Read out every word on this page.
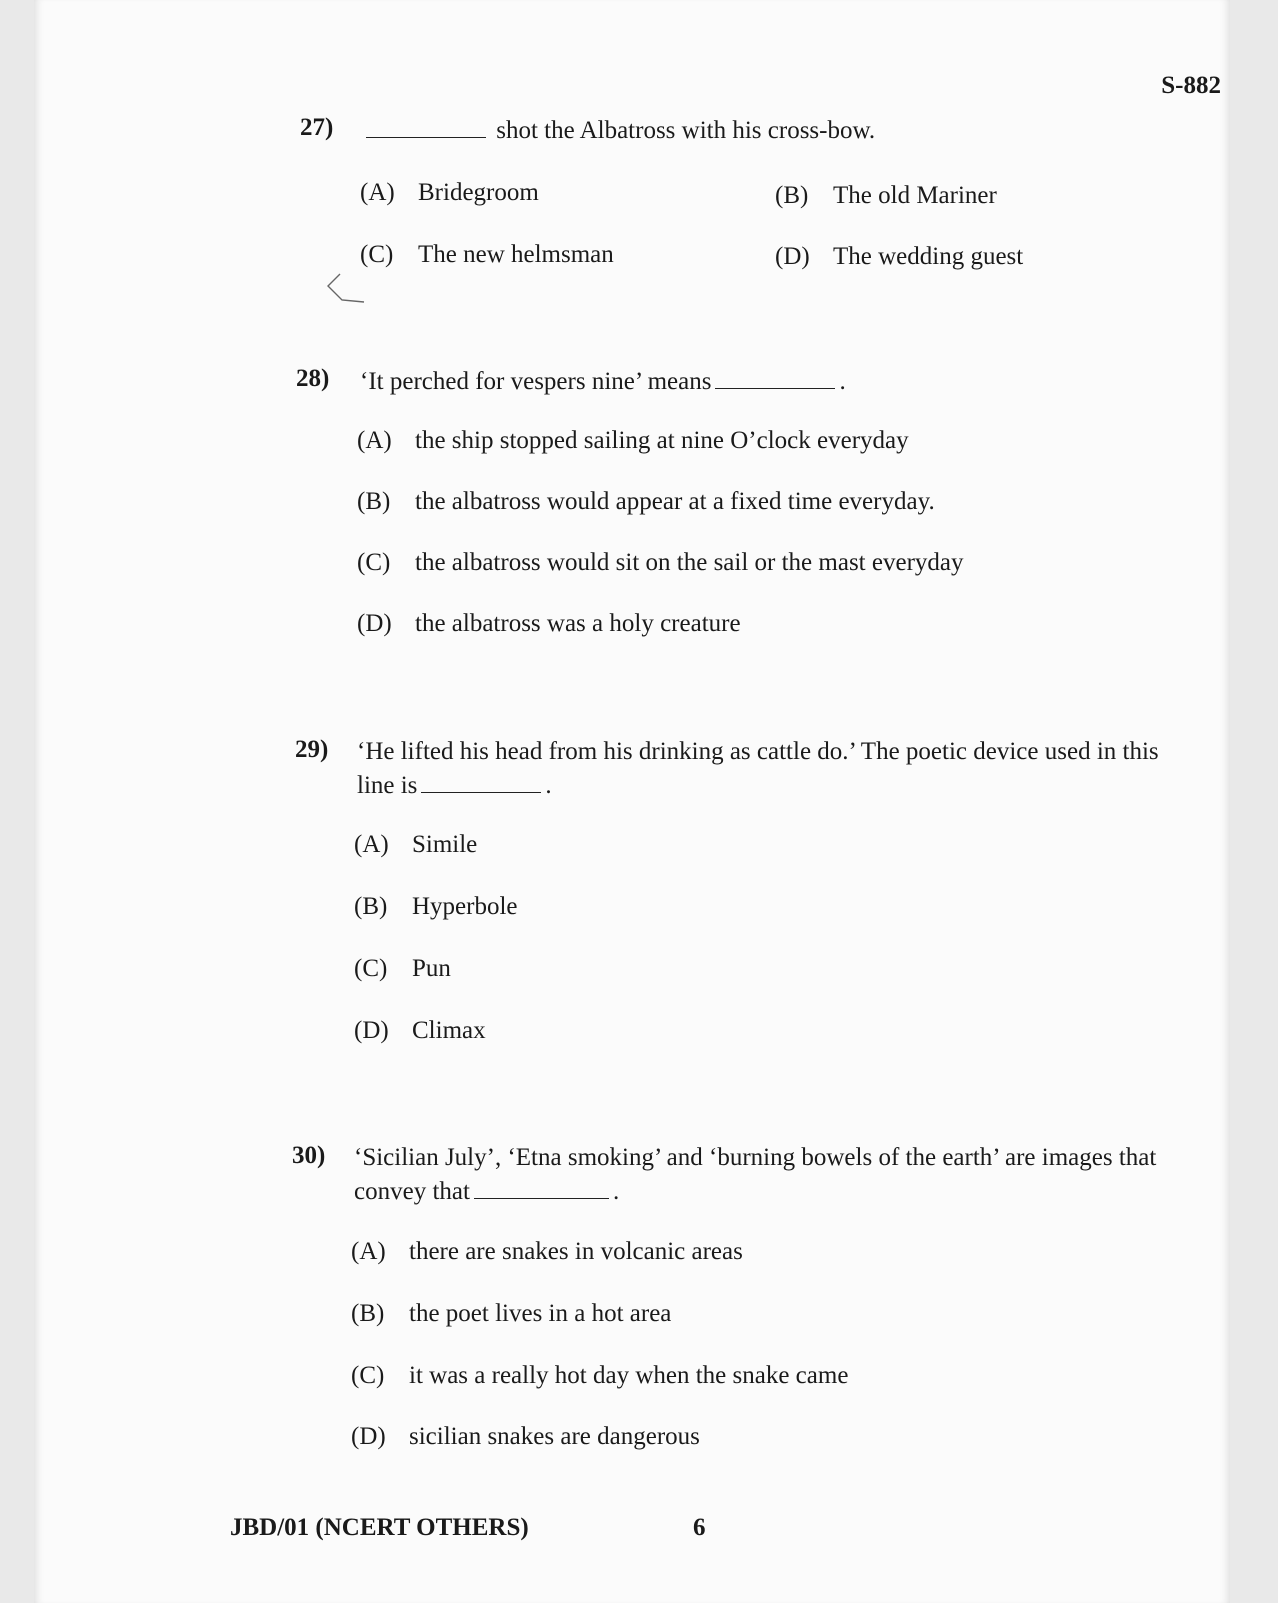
S-882
27)	shot the Albatross with his cross-bow.
(A) Bridegroom	(B) The old Mariner
(C) The new helmsman	(D) The wedding guest
28) ‘It perched for vespers nine’ means	.
(A) the ship stopped sailing at nine O’clock everyday
(B) the albatross would appear at a fixed time everyday.
(C) the albatross would sit on the sail or the mast everyday
(D) the albatross was a holy creature
29) ‘He lifted his head from his drinking as cattle do.’ The poetic device used in this
line is	.
(A) Simile
(B) Hyperbole
(C) Pun
(D) Climax
30) ‘Sicilian July’, ‘Etna smoking’ and ‘burning bowels of the earth’ are images that
convey that	.
(A) there are snakes in volcanic areas
(B) the poet lives in a hot area
(C) it was a really hot day when the snake came
(D) sicilian snakes are dangerous
JBD/01 (NCERT OTHERS)	6
